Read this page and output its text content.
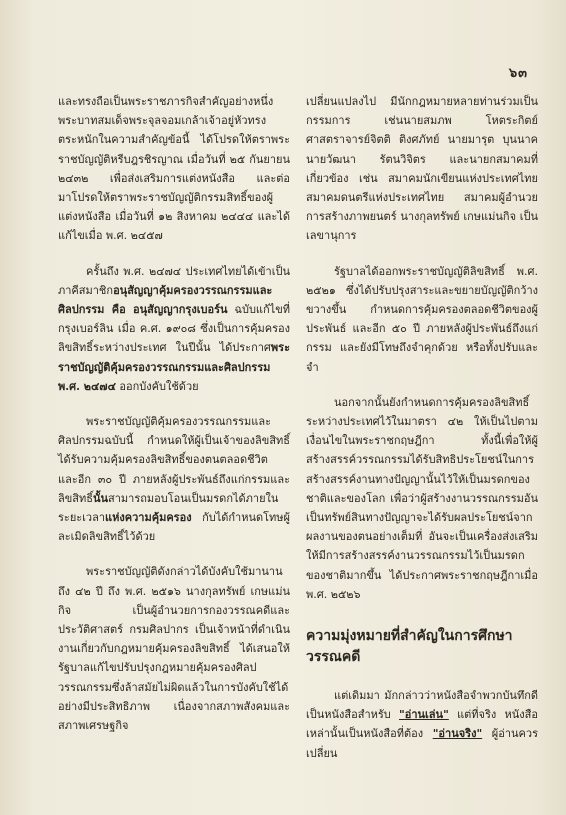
๖๓

และทรงถือเป็นพระราชภารกิจสำคัญอย่างหนึ่ง พระบาทสมเด็จพระจุลจอมเกล้าเจ้าอยู่หัวทรงตระหนักในความสำคัญข้อนี้ ได้โปรดให้ตราพระราชบัญญัติหรีบฎรชิรญาณ เมื่อวันที่ ๒๕ กันยายน ๒๔๓๒ เพื่อส่งเสริมการแต่งหนังสือ และต่อมาโปรดให้ตราพระราชบัญญัติกรรมสิทธิ์ของผู้แต่งหนังสือ เมื่อวันที่ ๑๒ สิงหาคม ๒๔๔๔ และได้แก้ไขเมื่อ พ.ศ. ๒๔๕๗

ครั้นถึง พ.ศ. ๒๔๗๔ ประเทศไทยได้เข้าเป็นภาคีสมาชิกอนุสัญญาคุ้มครองวรรณกรรมและศิลปกรรม คือ อนุสัญญากรุงเบอร์น ฉบับแก้ไขที่กรุงเบอร์ลิน เมื่อ ค.ศ. ๑๙๐๘ ซึ่งเป็นการคุ้มครองลิขสิทธิ์ระหว่างประเทศ ในปีนั้น ได้ประกาศพระราชบัญญัติคุ้มครองวรรณกรรมและศิลปกรรม พ.ศ. ๒๔๗๔ ออกบังคับใช้ด้วย

พระราชบัญญัติคุ้มครองวรรณกรรมและศิลปกรรมฉบับนี้ กำหนดให้ผู้เป็นเจ้าของลิขสิทธิ์ได้รับความคุ้มครองลิขสิทธิ์ของตนตลอดชีวิต และอีก ๓๐ ปี ภายหลังผู้ประพันธ์ถึงแก่กรรมและลิขสิทธิ์นั้นสามารถมอบโอนเป็นมรดกได้ภายในระยะเวลาแห่งความคุ้มครอง กับได้กำหนดโทษผู้ละเมิดลิขสิทธิ์ไว้ด้วย

พระราชบัญญัติดังกล่าวได้บังคับใช้มานานถึง ๔๒ ปี ถึง พ.ศ. ๒๕๑๖ นางกุลทรัพย์ เกษแม่นกิจ เป็นผู้อำนวยการกองวรรณคดีและประวัติศาสตร์ กรมศิลปากร เป็นเจ้าหน้าที่ดำเนินงานเกี่ยวกับกฎหมายคุ้มครองลิขสิทธิ์ ได้เสนอให้รัฐบาลแก้ไขปรับปรุงกฎหมายคุ้มครองศิลปวรรณกรรมซึ่งล้าสมัยไม่ผิดแล้วในการบังคับใช้ได้อย่างมีประสิทธิภาพ เนื่องจากสภาพสังคมและสภาพเศรษฐกิจ

เปลี่ยนแปลงไป มีนักกฎหมายหลายท่านร่วมเป็นกรรมการ เช่นนายสมภพ โหตระกิตย์ ศาสตราจารย์จิตติ ติงศภัทย์ นายมารุต บุนนาค นายวัฒนา รัตนวิจิตร และนายกสมาคมที่เกี่ยวข้อง เช่น สมาคมนักเขียนแห่งประเทศไทย สมาคมดนตรีแห่งประเทศไทย สมาคมผู้อำนวยการสร้างภาพยนตร์ นางกุลทรัพย์ เกษแม่นกิจ เป็นเลขานุการ

รัฐบาลได้ออกพระราชบัญญัติลิขสิทธิ์ พ.ศ. ๒๕๒๑ ซึ่งได้ปรับปรุงสาระและขยายบัญญัติกว้างขวางขึ้น กำหนดการคุ้มครองตลอดชีวิตของผู้ประพันธ์ และอีก ๕๐ ปี ภายหลังผู้ประพันธ์ถึงแก่กรรม และยังมีโทษถึงจำคุกด้วย หรือทั้งปรับและจำ

นอกจากนั้นยังกำหนดการคุ้มครองลิขสิทธิ์ระหว่างประเทศไว้ในมาตรา ๔๒ ให้เป็นไปตามเงื่อนไขในพระราชกฤษฎีกา ทั้งนี้เพื่อให้ผู้สร้างสรรค์วรรณกรรมได้รับสิทธิประโยชน์ในการสร้างสรรค์งานทางปัญญานั้นไว้ให้เป็นมรดกของชาติและของโลก เพื่อว่าผู้สร้างงานวรรณกรรมอันเป็นทรัพย์สินทางปัญญาจะได้รับผลประโยชน์จากผลงานของตนอย่างเต็มที่ อันจะเป็นเครื่องส่งเสริมให้มีการสร้างสรรค์งานวรรณกรรมไว้เป็นมรดกของชาติมากขึ้น ได้ประกาศพระราชกฤษฎีกาเมื่อพ.ศ. ๒๕๒๖

ความมุ่งหมายที่สำคัญในการศึกษาวรรณคดี

แต่เดิมมา มักกล่าวว่าหนังสือจำพวกบันทึกดีเป็นหนังสือสำหรับ "อ่านเล่น" แต่ที่จริง หนังสือเหล่านั้นเป็นหนังสือที่ต้อง "อ่านจริง" ผู้อ่านควรเปลี่ยน
